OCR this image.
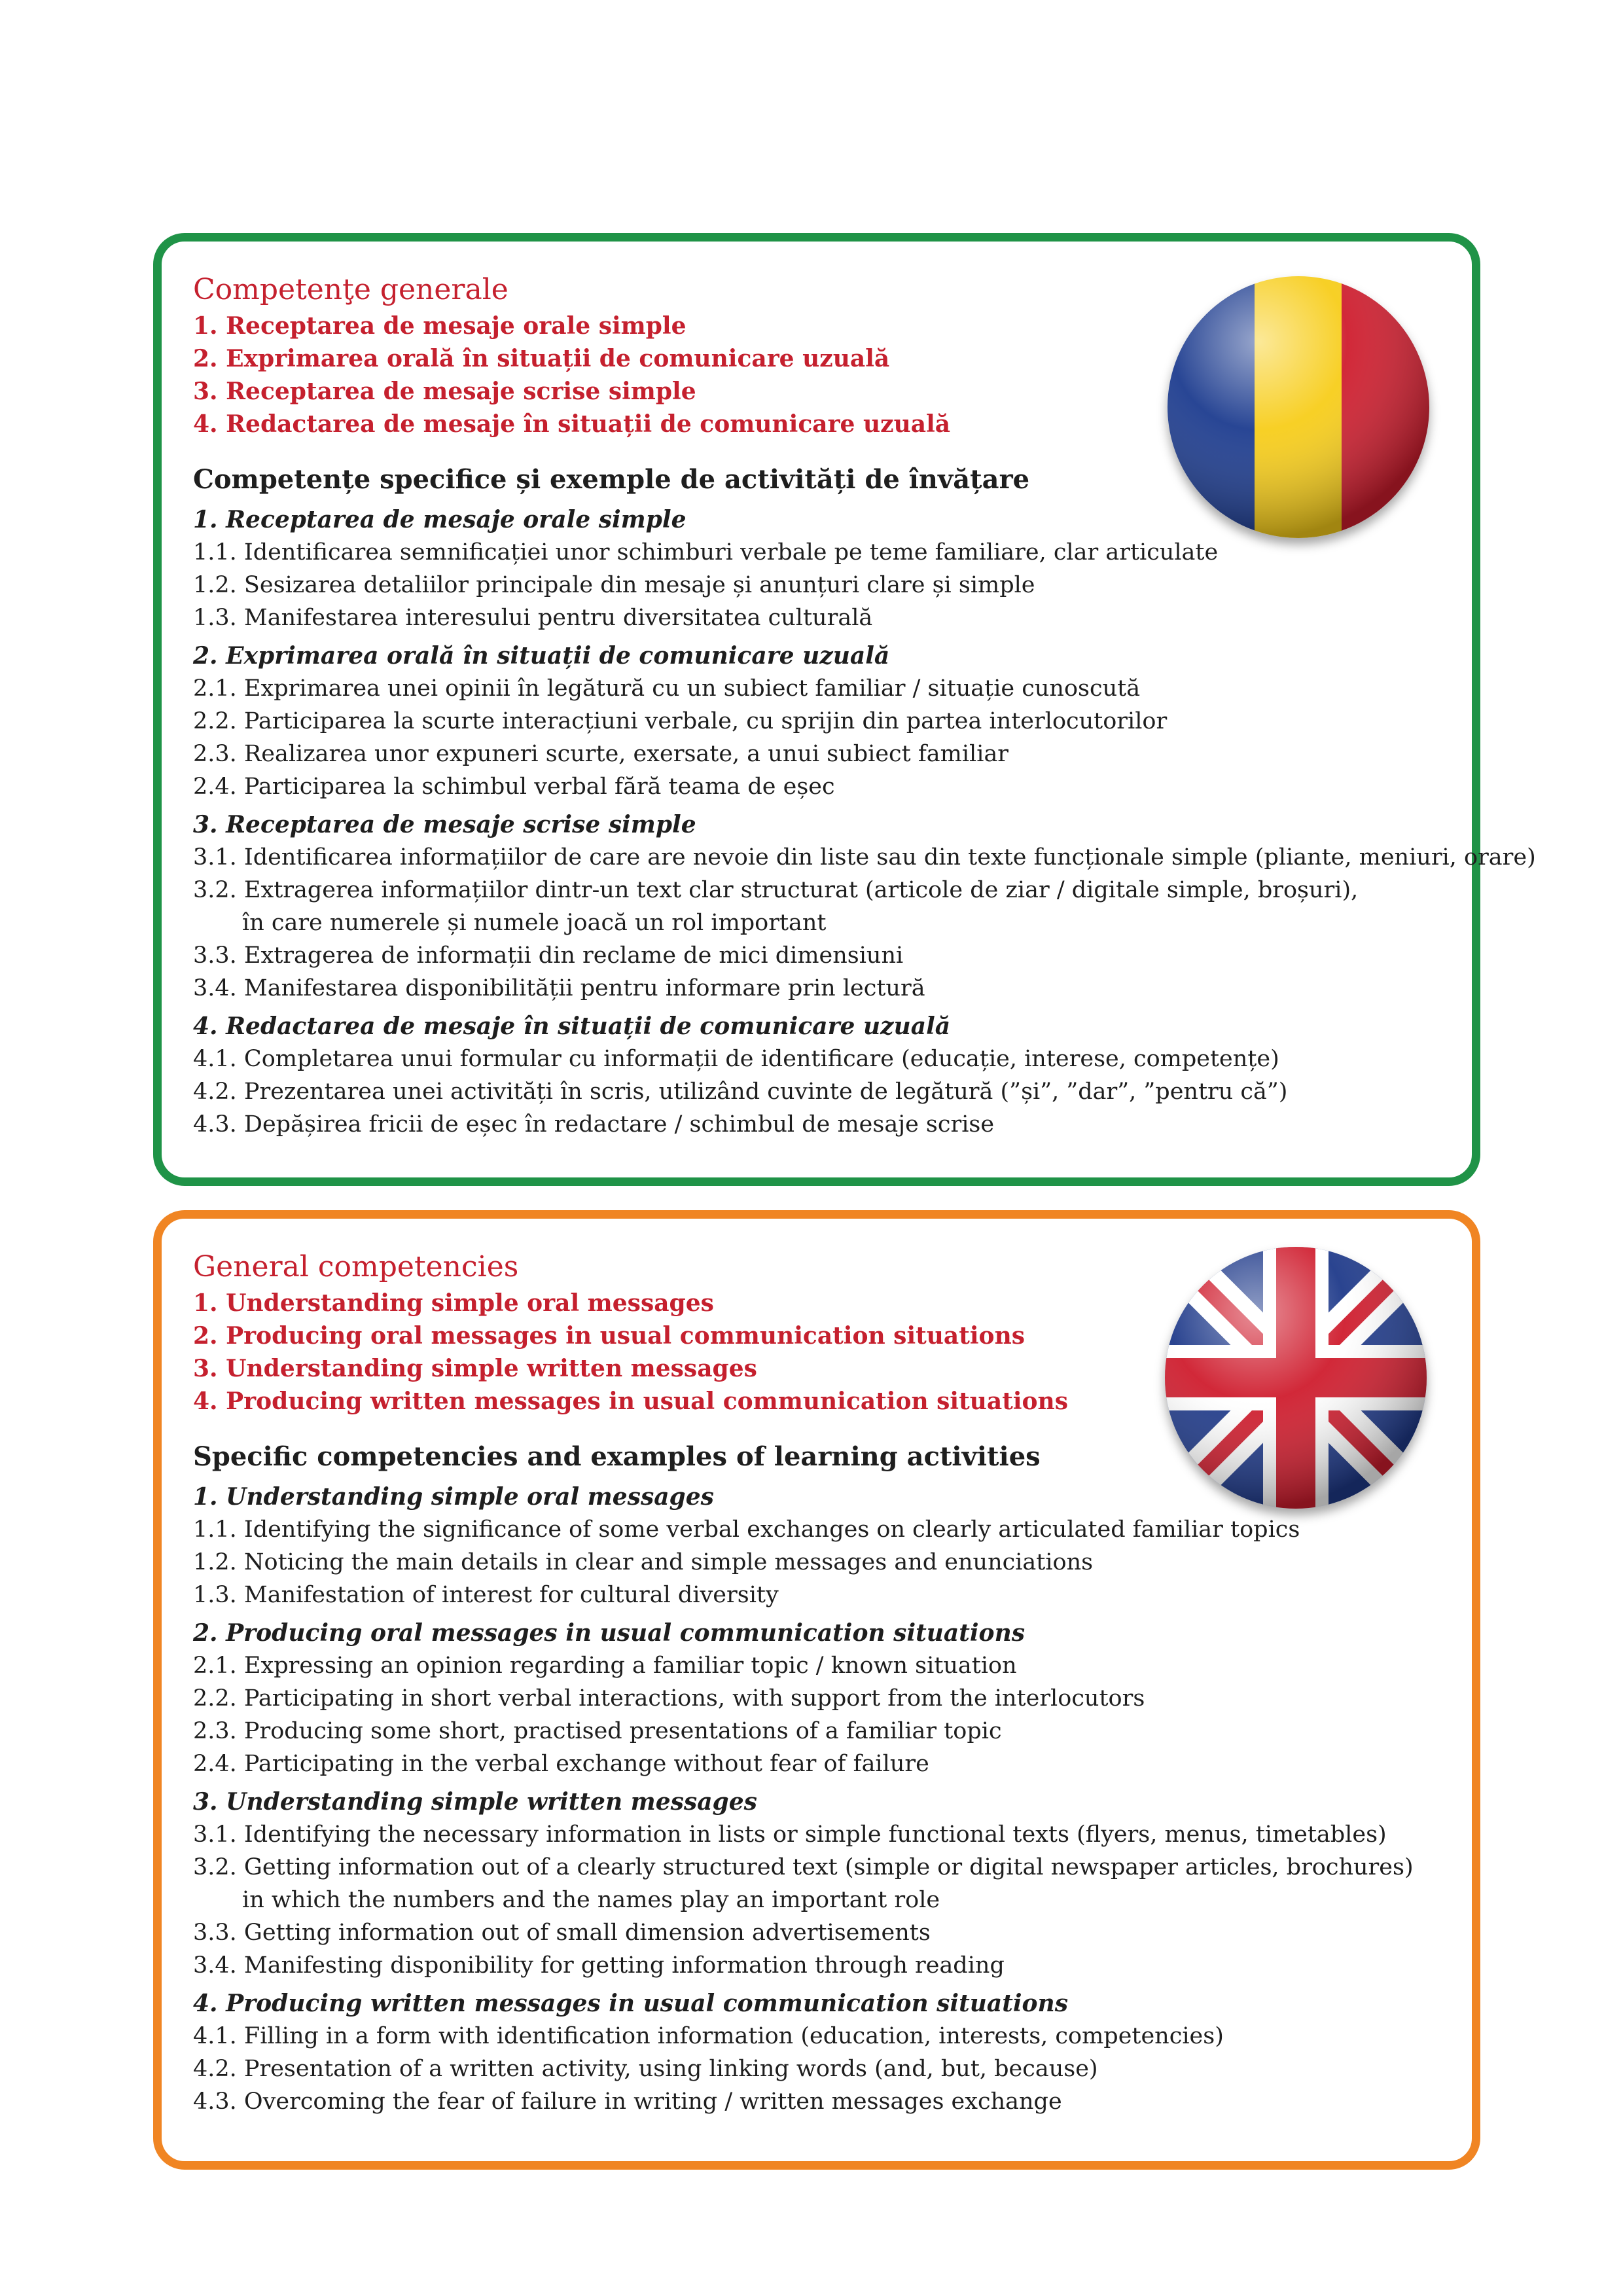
Competenţe generale
1. Receptarea de mesaje orale simple
2. Exprimarea orală în situații de comunicare uzuală
3. Receptarea de mesaje scrise simple
4. Redactarea de mesaje în situații de comunicare uzuală
Competențe specifice și exemple de activități de învățare
1. Receptarea de mesaje orale simple
1.1. Identificarea semnificației unor schimburi verbale pe teme familiare, clar articulate
1.2. Sesizarea detaliilor principale din mesaje și anunțuri clare și simple
1.3. Manifestarea interesului pentru diversitatea culturală
2. Exprimarea orală în situații de comunicare uzuală
2.1. Exprimarea unei opinii în legătură cu un subiect familiar / situație cunoscută
2.2. Participarea la scurte interacțiuni verbale, cu sprijin din partea interlocutorilor
2.3. Realizarea unor expuneri scurte, exersate, a unui subiect familiar
2.4. Participarea la schimbul verbal fără teama de eșec
3. Receptarea de mesaje scrise simple
3.1. Identificarea informațiilor de care are nevoie din liste sau din texte funcționale simple (pliante, meniuri, orare)
3.2. Extragerea informațiilor dintr-un text clar structurat (articole de ziar / digitale simple, broșuri),
în care numerele și numele joacă un rol important
3.3. Extragerea de informații din reclame de mici dimensiuni
3.4. Manifestarea disponibilității pentru informare prin lectură
4. Redactarea de mesaje în situații de comunicare uzuală
4.1. Completarea unui formular cu informații de identificare (educație, interese, competențe)
4.2. Prezentarea unei activități în scris, utilizând cuvinte de legătură (”și”, ”dar”, ”pentru că”)
4.3. Depășirea fricii de eșec în redactare / schimbul de mesaje scrise
General competencies
1. Understanding simple oral messages
2. Producing oral messages in usual communication situations
3. Understanding simple written messages
4. Producing written messages in usual communication situations
Specific competencies and examples of learning activities
1. Understanding simple oral messages
1.1. Identifying the significance of some verbal exchanges on clearly articulated familiar topics
1.2. Noticing the main details in clear and simple messages and enunciations
1.3. Manifestation of interest for cultural diversity
2. Producing oral messages in usual communication situations
2.1. Expressing an opinion regarding a familiar topic / known situation
2.2. Participating in short verbal interactions, with support from the interlocutors
2.3. Producing some short, practised presentations of a familiar topic
2.4. Participating in the verbal exchange without fear of failure
3. Understanding simple written messages
3.1. Identifying the necessary information in lists or simple functional texts (flyers, menus, timetables)
3.2. Getting information out of a clearly structured text (simple or digital newspaper articles, brochures)
in which the numbers and the names play an important role
3.3. Getting information out of small dimension advertisements
3.4. Manifesting disponibility for getting information through reading
4. Producing written messages in usual communication situations
4.1. Filling in a form with identification information (education, interests, competencies)
4.2. Presentation of a written activity, using linking words (and, but, because)
4.3. Overcoming the fear of failure in writing / written messages exchange
